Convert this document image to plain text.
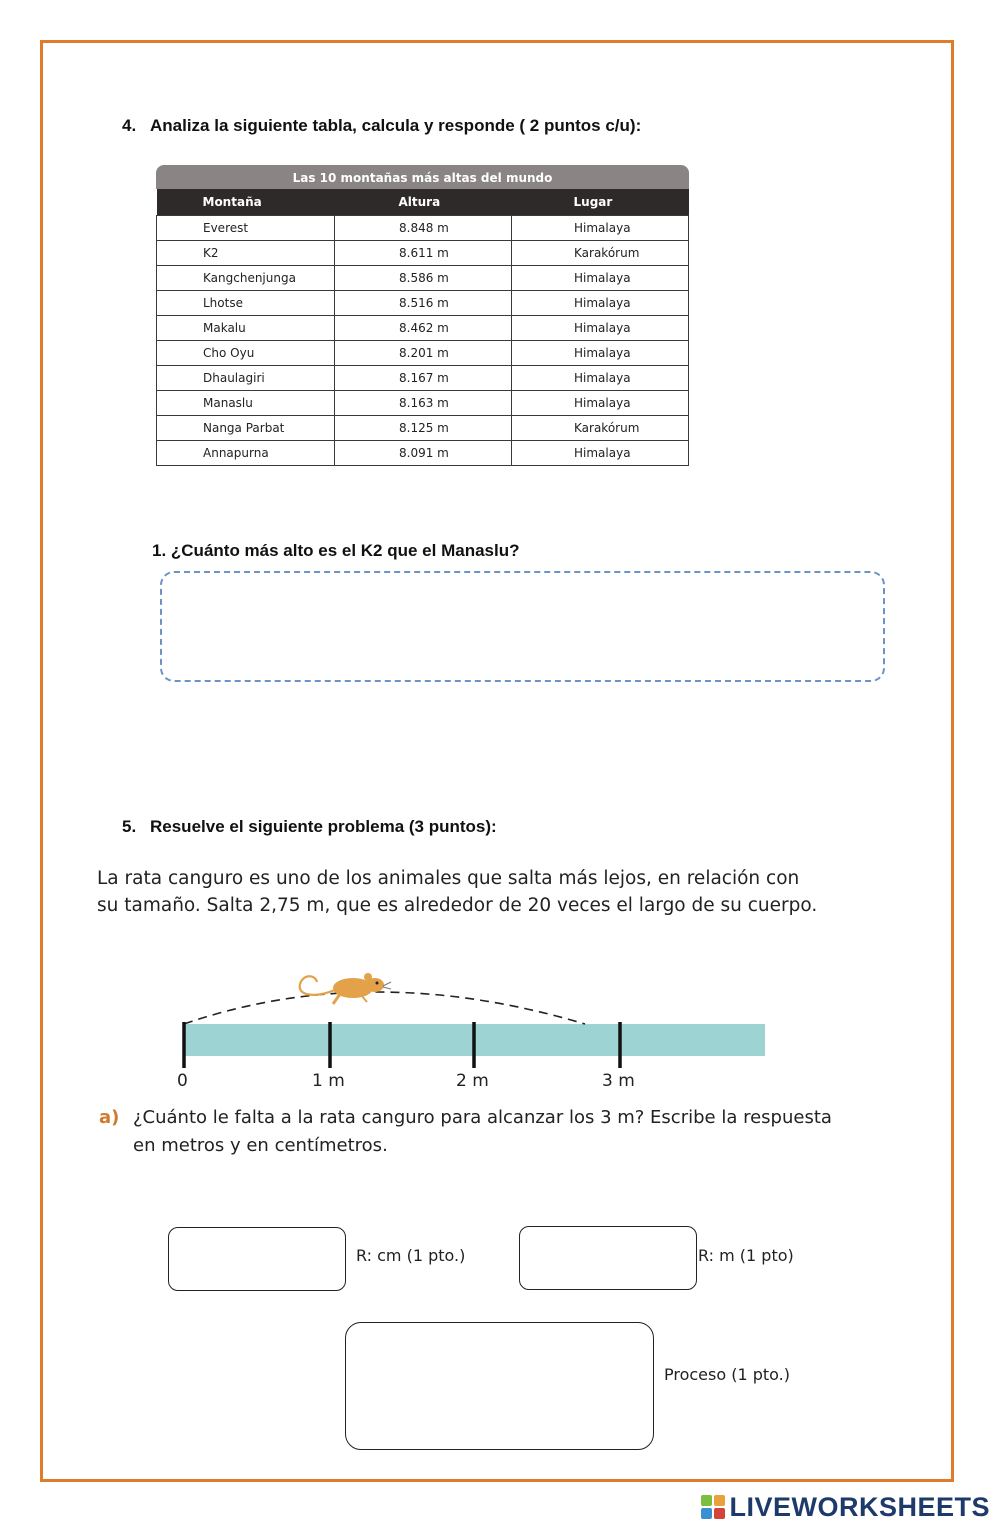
4. Analiza la siguiente tabla, calcula y responde ( 2 puntos c/u):
Las 10 montañas más altas del mundo
Montaña	Altura	Lugar
Everest	8.848 m	Himalaya
K2	8.611 m	Karakórum
Kangchenjunga	8.586 m	Himalaya
Lhotse	8.516 m	Himalaya
Makalu	8.462 m	Himalaya
Cho Oyu	8.201 m	Himalaya
Dhaulagiri	8.167 m	Himalaya
Manaslu	8.163 m	Himalaya
Nanga Parbat	8.125 m	Karakórum
Annapurna	8.091 m	Himalaya
1. ¿Cuánto más alto es el K2 que el Manaslu?
5. Resuelve el siguiente problema (3 puntos):
La rata canguro es uno de los animales que salta más lejos, en relación con
su tamaño. Salta 2,75 m, que es alrededor de 20 veces el largo de su cuerpo.
0	1 m	2 m	3 m
a) ¿Cuánto le falta a la rata canguro para alcanzar los 3 m? Escribe la respuesta
en metros y en centímetros.
R: cm (1 pto.)	R: m (1 pto)
Proceso (1 pto.)
LIVEWORKSHEETS
